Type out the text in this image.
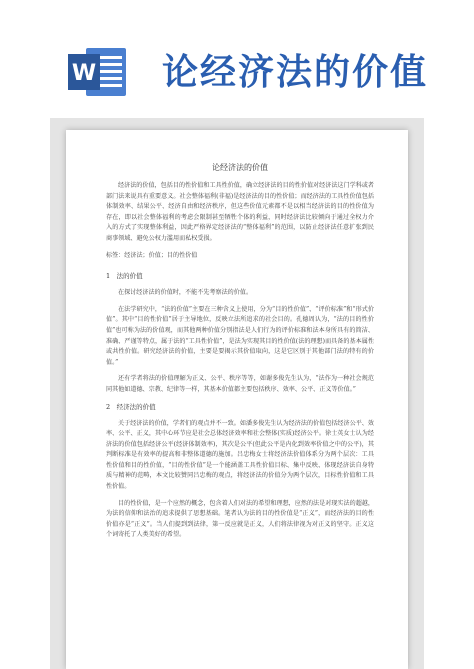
W 论经济法的价值
论经济法的价值

经济法的价值，包括目的性价值和工具性价值，确立经济法的目的性价值对经济法这门学科或者部门法来说具有重要意义。社会整体福利(非福)是经济法的目的性价值；而经济法的工具性价值包括体制效率、结果公平、经济自由和经济秩序，但这些价值元素都不是以相当经济法的目的性价值为存在，即以社会整体福利的考虑会限制甚至牺牲个体的利益，同时经济法比较倾向于通过全权力介入的方式了实现整体利益，因此严格界定经济法的“整体福利”的范围，以防止经济法任意扩张到民商事领域、避免公权力滥用而私权受损。

标签：经济法；价值；目的性价值
1　法的价值

在探讨经济法的价值时，不能不先考察法的价值。

在法学研究中，“法的价值”主要在三种含义上使用，分为“目的性价值”、“评价标准”和“形式价值”。其中“目的性价值”居于主导地位，反映立法所追求的社会目的。孔德周认为，“法的目的性价值”也可称为法的价值观，而其他两种价值分别指法是人们行为的评价标准和法本身所具有的简洁、准确、严谨等特点，属于法的“工具性价值”，是法为实现其目的性价值(法的理想)而具备的基本属性或共性价值。研究经济法的价值，主要是要揭示其价值取向，这是它区别于其他部门法的特有的价值。”

还有学者将法的价值理解为正义、公平、秩序等等，如谢多俊先生认为，“法作为一种社会规范同其他如道德、宗教、纪律等一样，其基本价值都主要包括秩序、效率、公平、正义等价值。”

2　经济法的价值

关于经济法的价值，学者们的观点并不一致。如潘多俊先生认为经济法的价值包括经济公平、效率、公平、正义，其中心环节应是社会总体经济效率和社会整体(实质)经济公平。徐士英女士认为经济法的价值包括经济公平(经济体制效率)，其次是公平(但此公平是内化到效率价值之中的公平)，其判断标准是有效率的提高和非整体道德的施加。吕忠梅女士将经济法价值体系分为两个层次：工具性价值和目的性价值，“目的性价值”是一个能涵盖工具性价值目标、集中反映、体现经济法自身特质与精神的范畴，本文比较赞同吕忠梅的观点，将经济法的价值分为两个层次，目标性价值和工具性价值。

目的性价值，是一个应然的概念，包含着人们对法的希望和理想，应然的法是对现实法的超越，为法的信仰和法治的追求提供了思想基础。笔者认为法的目的性价值是“正义”，而经济法的目的性价值亦是“正义”。当人们提到到法律，第一反应就是正义，人们将法律视为对正义的坚守。正义这个词寄托了人类美好的希望。
